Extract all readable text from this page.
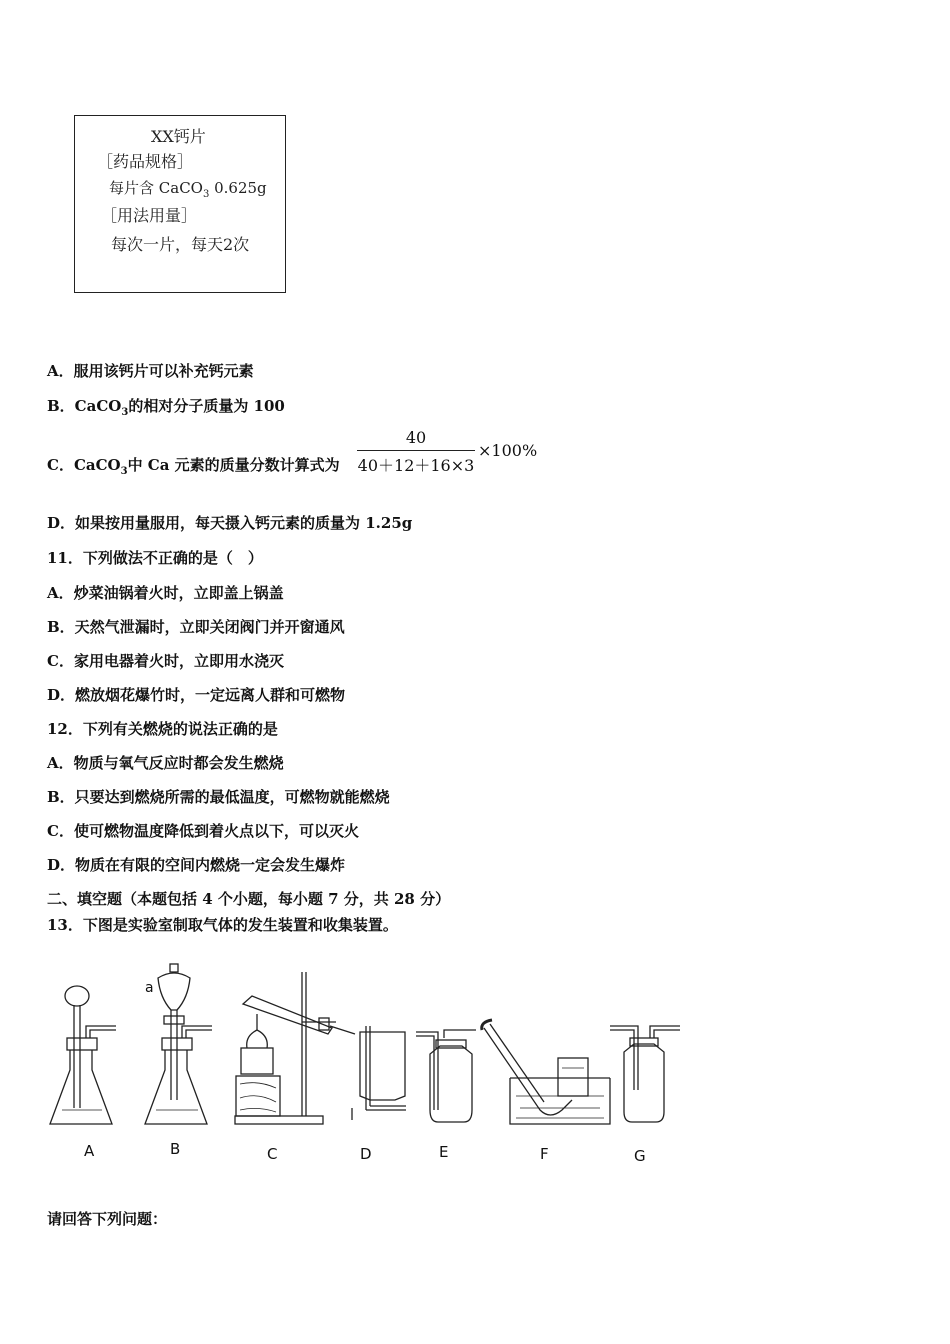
XX钙片
［药品规格］
每片含 CaCO$_3$ 0.625g
［用法用量］
每次一片，每天2次
A．服用该钙片可以补充钙元素
B．CaCO$_3$的相对分子质量为 100
C．CaCO$_3$中 Ca 元素的质量分数计算式为
40
40＋12＋16×3
×100%
D．如果按用量服用，每天摄入钙元素的质量为 1.25g
11．下列做法不正确的是（　）
A．炒菜油锅着火时，立即盖上锅盖
B．天然气泄漏时，立即关闭阀门并开窗通风
C．家用电器着火时，立即用水浇灭
D．燃放烟花爆竹时，一定远离人群和可燃物
12．下列有关燃烧的说法正确的是
A．物质与氧气反应时都会发生燃烧
B．只要达到燃烧所需的最低温度，可燃物就能燃烧
C．使可燃物温度降低到着火点以下，可以灭火
D．物质在有限的空间内燃烧一定会发生爆炸
二、填空题（本题包括 4 个小题，每小题 7 分，共 28 分）
13．下图是实验室制取气体的发生装置和收集装置。
a
A	B	C	D	E	F	G
请回答下列问题：
